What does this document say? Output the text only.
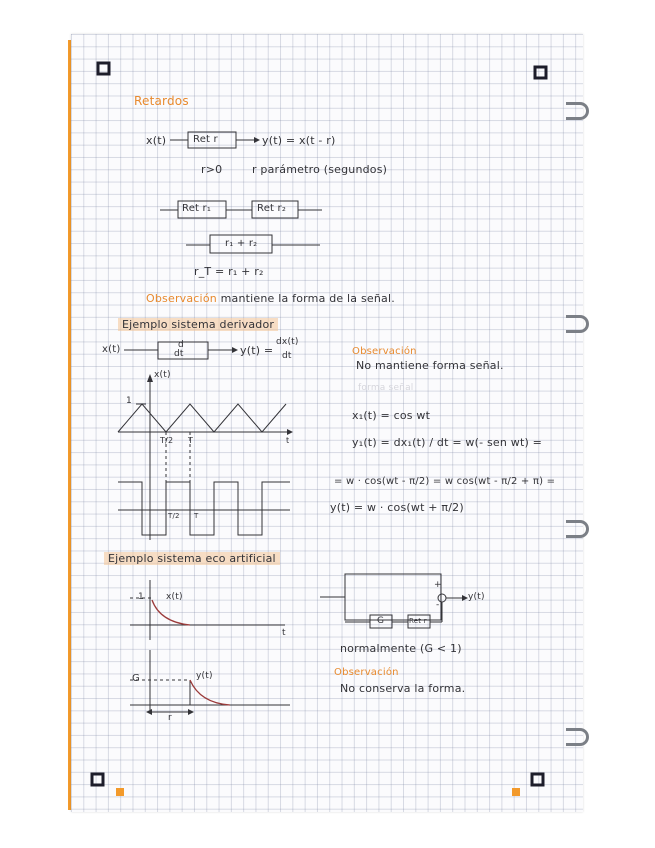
Retardos
x(t)	Ret r	y(t) = x(t - r)
r>0	r parámetro (segundos)
Ret r₁	Ret r₂
r₁ + r₂
r_T = r₁ + r₂
Observación mantiene la forma de la señal.
Ejemplo sistema derivador
x(t)	d
dt	y(t) =
dx(t)
dt
x(t)
1
T/2 T	t
T/2 T
Observación
No mantiene forma señal.
forma señal
x₁(t) = cos wt
y₁(t) = dx₁(t) / dt = w(- sen wt) =
= w · cos(wt - π/2) = w cos(wt - π/2 + π) =
y(t) = w · cos(wt + π/2)
Ejemplo sistema eco artificial
1 x(t)
t
G	y(t)
r
+
-
y(t)
G	Ret r
normalmente (G < 1)
Observación
No conserva la forma.
